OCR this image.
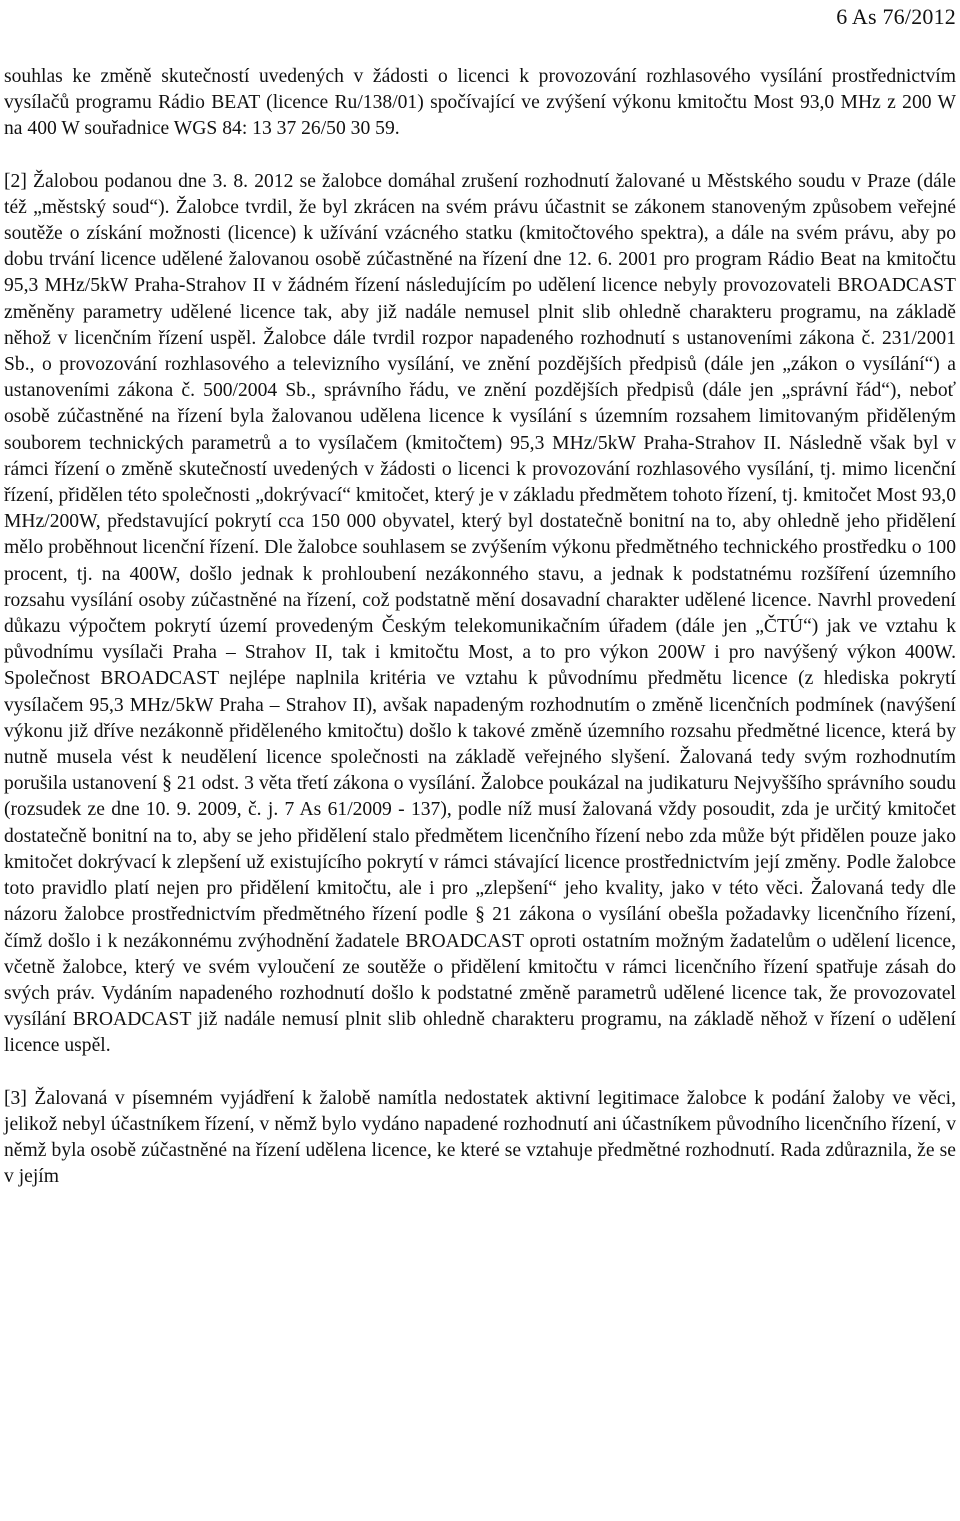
6 As 76/2012

souhlas ke změně skutečností uvedených v žádosti o licenci k provozování rozhlasového vysílání prostřednictvím vysílačů programu Rádio BEAT (licence Ru/138/01) spočívající ve zvýšení výkonu kmitočtu Most 93,0 MHz z 200 W na 400 W souřadnice WGS 84: 13 37 26/50 30 59.

[2] Žalobou podanou dne 3. 8. 2012 se žalobce domáhal zrušení rozhodnutí žalované u Městského soudu v Praze (dále též „městský soud“). Žalobce tvrdil, že byl zkrácen na svém právu účastnit se zákonem stanoveným způsobem veřejné soutěže o získání možnosti (licence) k užívání vzácného statku (kmitočtového spektra), a dále na svém právu, aby po dobu trvání licence udělené žalovanou osobě zúčastněné na řízení dne 12. 6. 2001 pro program Rádio Beat na kmitočtu 95,3 MHz/5kW Praha-Strahov II v žádném řízení následujícím po udělení licence nebyly provozovateli BROADCAST změněny parametry udělené licence tak, aby již nadále nemusel plnit slib ohledně charakteru programu, na základě něhož v licenčním řízení uspěl. Žalobce dále tvrdil rozpor napadeného rozhodnutí s ustanoveními zákona č. 231/2001 Sb., o provozování rozhlasového a televizního vysílání, ve znění pozdějších předpisů (dále jen „zákon o vysílání“) a ustanoveními zákona č. 500/2004 Sb., správního řádu, ve znění pozdějších předpisů (dále jen „správní řád“), neboť osobě zúčastněné na řízení byla žalovanou udělena licence k vysílání s územním rozsahem limitovaným přiděleným souborem technických parametrů a to vysílačem (kmitočtem) 95,3 MHz/5kW Praha-Strahov II. Následně však byl v rámci řízení o změně skutečností uvedených v žádosti o licenci k provozování rozhlasového vysílání, tj. mimo licenční řízení, přidělen této společnosti „dokrývací“ kmitočet, který je v základu předmětem tohoto řízení, tj. kmitočet Most 93,0 MHz/200W, představující pokrytí cca 150 000 obyvatel, který byl dostatečně bonitní na to, aby ohledně jeho přidělení mělo proběhnout licenční řízení. Dle žalobce souhlasem se zvýšením výkonu předmětného technického prostředku o 100 procent, tj. na 400W, došlo jednak k prohloubení nezákonného stavu, a jednak k podstatnému rozšíření územního rozsahu vysílání osoby zúčastněné na řízení, což podstatně mění dosavadní charakter udělené licence. Navrhl provedení důkazu výpočtem pokrytí území provedeným Českým telekomunikačním úřadem (dále jen „ČTÚ“) jak ve vztahu k původnímu vysílači Praha – Strahov II, tak i kmitočtu Most, a to pro výkon 200W i pro navýšený výkon 400W. Společnost BROADCAST nejlépe naplnila kritéria ve vztahu k původnímu předmětu licence (z hlediska pokrytí vysílačem 95,3 MHz/5kW Praha – Strahov II), avšak napadeným rozhodnutím o změně licenčních podmínek (navýšení výkonu již dříve nezákonně přiděleného kmitočtu) došlo k takové změně územního rozsahu předmětné licence, která by nutně musela vést k neudělení licence společnosti na základě veřejného slyšení. Žalovaná tedy svým rozhodnutím porušila ustanovení § 21 odst. 3 věta třetí zákona o vysílání. Žalobce poukázal na judikaturu Nejvyššího správního soudu (rozsudek ze dne 10. 9. 2009, č. j. 7 As 61/2009 - 137), podle níž musí žalovaná vždy posoudit, zda je určitý kmitočet dostatečně bonitní na to, aby se jeho přidělení stalo předmětem licenčního řízení nebo zda může být přidělen pouze jako kmitočet dokrývací k zlepšení už existujícího pokrytí v rámci stávající licence prostřednictvím její změny. Podle žalobce toto pravidlo platí nejen pro přidělení kmitočtu, ale i pro „zlepšení“ jeho kvality, jako v této věci. Žalovaná tedy dle názoru žalobce prostřednictvím předmětného řízení podle § 21 zákona o vysílání obešla požadavky licenčního řízení, čímž došlo i k nezákonnému zvýhodnění žadatele BROADCAST oproti ostatním možným žadatelům o udělení licence, včetně žalobce, který ve svém vyloučení ze soutěže o přidělení kmitočtu v rámci licenčního řízení spatřuje zásah do svých práv. Vydáním napadeného rozhodnutí došlo k podstatné změně parametrů udělené licence tak, že provozovatel vysílání BROADCAST již nadále nemusí plnit slib ohledně charakteru programu, na základě něhož v řízení o udělení licence uspěl.

[3] Žalovaná v písemném vyjádření k žalobě namítla nedostatek aktivní legitimace žalobce k podání žaloby ve věci, jelikož nebyl účastníkem řízení, v němž bylo vydáno napadené rozhodnutí ani účastníkem původního licenčního řízení, v němž byla osobě zúčastněné na řízení udělena licence, ke které se vztahuje předmětné rozhodnutí. Rada zdůraznila, že se v jejím
